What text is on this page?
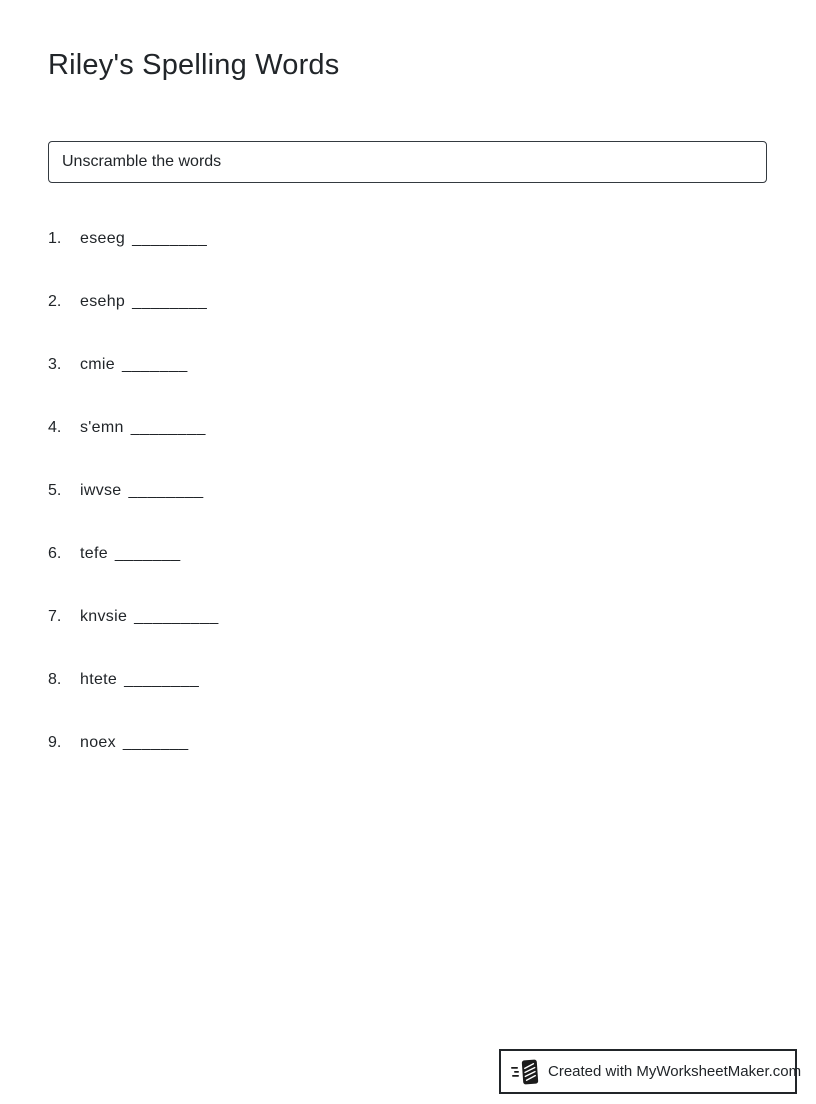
Riley's Spelling Words
Unscramble the words
1.	eseeg ________
2.	esehp ________
3.	cmie _______
4.	s'emn ________
5.	iwvse ________
6.	tefe _______
7.	knvsie _________
8.	htete ________
9.	noex _______
Created with MyWorksheetMaker.com
